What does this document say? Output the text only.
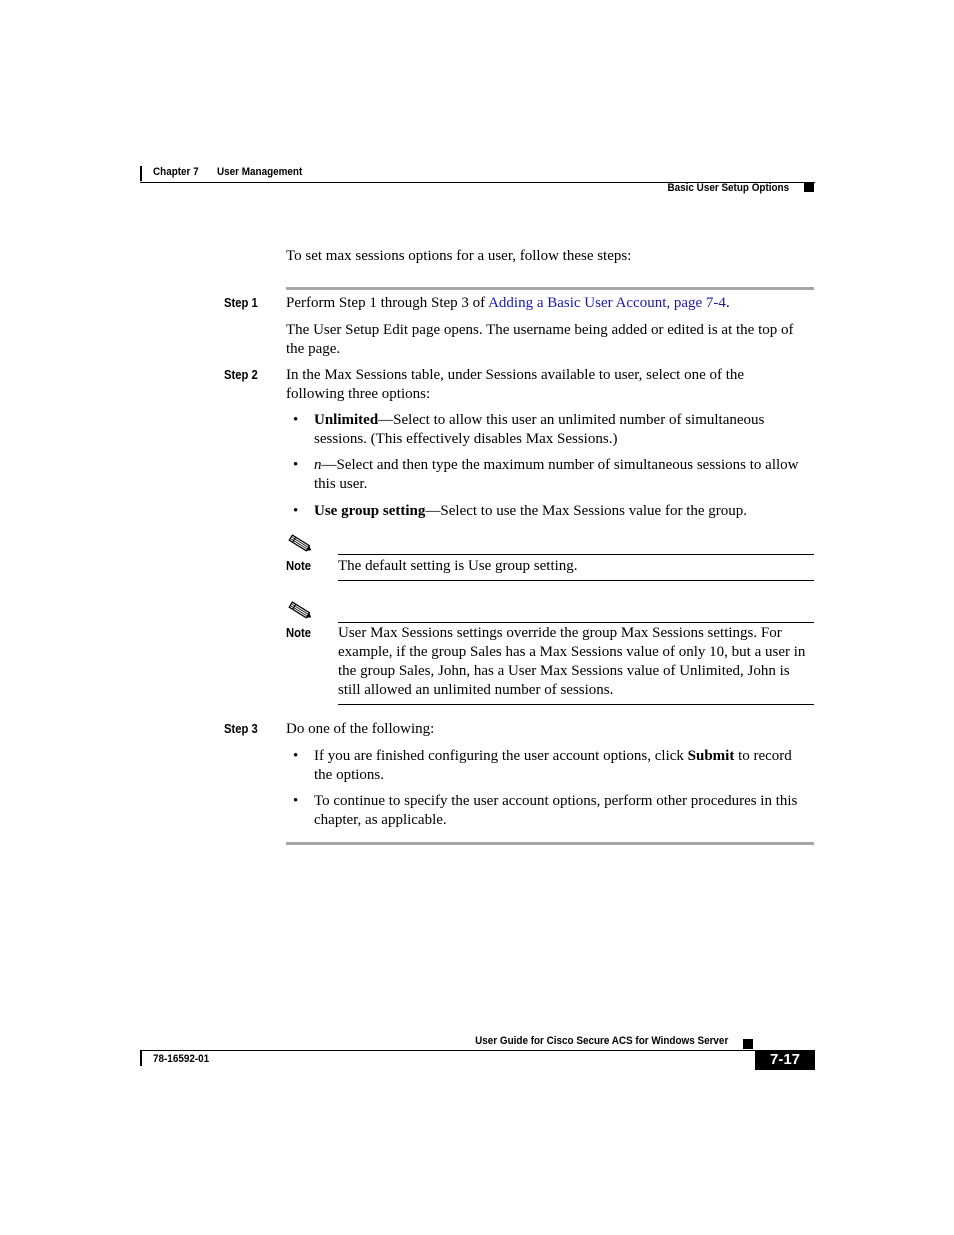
Chapter 7 User Management
Basic User Setup Options
To set max sessions options for a user, follow these steps:
Step 1 Perform Step 1 through Step 3 of Adding a Basic User Account, page 7-4.
The User Setup Edit page opens. The username being added or edited is at the top of the page.
Step 2 In the Max Sessions table, under Sessions available to user, select one of the following three options:
• Unlimited—Select to allow this user an unlimited number of simultaneous sessions. (This effectively disables Max Sessions.)
• n—Select and then type the maximum number of simultaneous sessions to allow this user.
• Use group setting—Select to use the Max Sessions value for the group.
Note The default setting is Use group setting.
Note User Max Sessions settings override the group Max Sessions settings. For example, if the group Sales has a Max Sessions value of only 10, but a user in the group Sales, John, has a User Max Sessions value of Unlimited, John is still allowed an unlimited number of sessions.
Step 3 Do one of the following:
• If you are finished configuring the user account options, click Submit to record the options.
• To continue to specify the user account options, perform other procedures in this chapter, as applicable.
User Guide for Cisco Secure ACS for Windows Server
78-16592-01	7-17
